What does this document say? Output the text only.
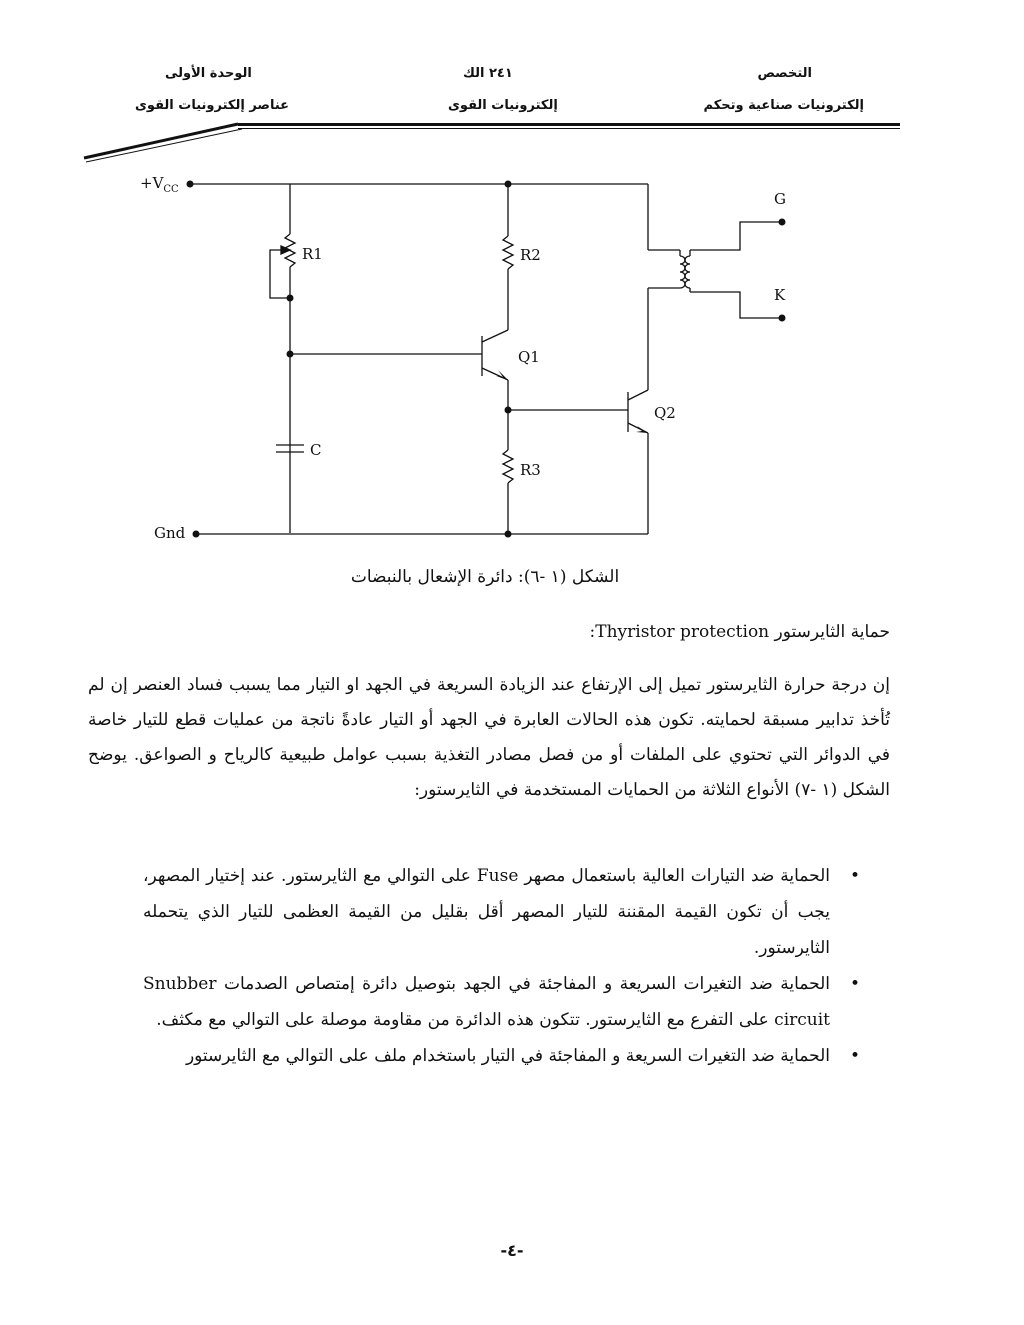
التخصص
إلكترونيات صناعية وتحكم
٢٤١ الك
إلكترونيات القوى
الوحدة الأولى
عناصر إلكترونيات القوى
$+V_{CC}$
Gnd
R1	R2
R3
C
Q1
Q2
G
K
الشكل (١ -٦): دائرة الإشعال بالنبضات
حماية الثايرستور Thyristor protection:
إن درجة حرارة الثايرستور تميل إلى الإرتفاع عند الزيادة السريعة في الجهد او التيار مما يسبب فساد العنصر إن لم تُأخذ تدابير مسبقة لحمايته. تكون هذه الحالات العابرة في الجهد أو التيار عادةً ناتجة من عمليات قطع للتيار خاصة في الدوائر التي تحتوي على الملفات أو من فصل مصادر التغذية بسبب عوامل طبيعية كالرياح و الصواعق. يوضح الشكل (١ -٧) الأنواع الثلاثة من الحمايات المستخدمة في الثايرستور:
•
الحماية ضد التيارات العالية باستعمال مصهر Fuse على التوالي مع الثايرستور. عند إختيار المصهر، يجب أن تكون القيمة المقننة للتيار المصهر أقل بقليل من القيمة العظمى للتيار الذي يتحمله الثايرستور.
•
الحماية ضد التغيرات السريعة و المفاجئة في الجهد بتوصيل دائرة إمتصاص الصدمات Snubber circuit على التفرع مع الثايرستور. تتكون هذه الدائرة من مقاومة موصلة على التوالي مع مكثف.
•
الحماية ضد التغيرات السريعة و المفاجئة في التيار باستخدام ملف على التوالي مع الثايرستور
-٤-
